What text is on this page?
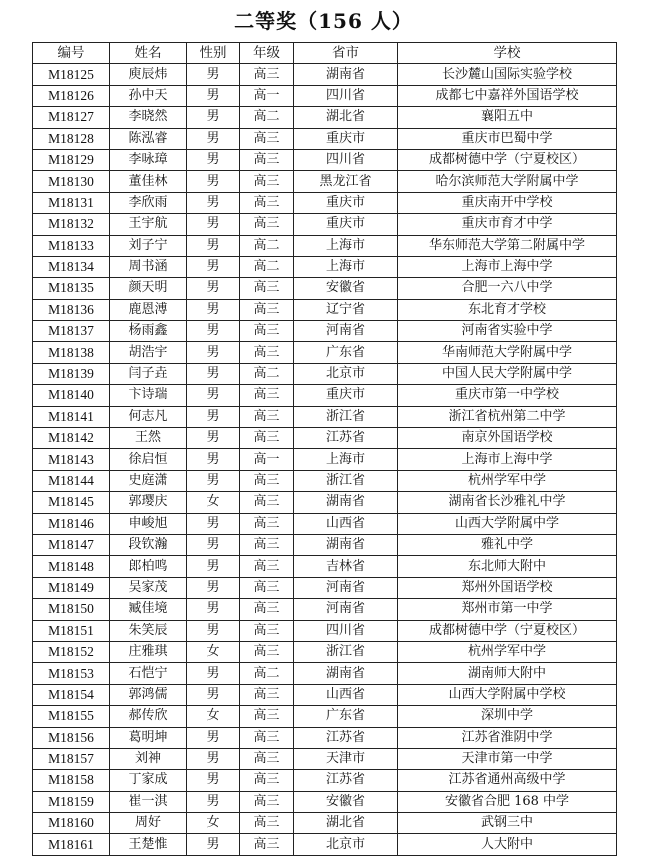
二等奖（156 人）
编号	姓名	性别	年级	省市	学校
M18125	庾辰炜	男	高三	湖南省	长沙麓山国际实验学校
M18126	孙中天	男	高一	四川省	成都七中嘉祥外国语学校
M18127	李晓然	男	高二	湖北省	襄阳五中
M18128	陈泓睿	男	高三	重庆市	重庆市巴蜀中学
M18129	李咏璋	男	高三	四川省	成都树德中学（宁夏校区）
M18130	董佳林	男	高三	黑龙江省	哈尔滨师范大学附属中学
M18131	李欣雨	男	高三	重庆市	重庆南开中学校
M18132	王宇航	男	高三	重庆市	重庆市育才中学
M18133	刘子宁	男	高二	上海市	华东师范大学第二附属中学
M18134	周书涵	男	高二	上海市	上海市上海中学
M18135	颜天明	男	高三	安徽省	合肥一六八中学
M18136	鹿恩溥	男	高三	辽宁省	东北育才学校
M18137	杨雨鑫	男	高三	河南省	河南省实验中学
M18138	胡浩宇	男	高三	广东省	华南师范大学附属中学
M18139	闫子垚	男	高二	北京市	中国人民大学附属中学
M18140	卞诗瑞	男	高三	重庆市	重庆市第一中学校
M18141	何志凡	男	高三	浙江省	浙江省杭州第二中学
M18142	王然	男	高三	江苏省	南京外国语学校
M18143	徐启恒	男	高一	上海市	上海市上海中学
M18144	史庭潇	男	高三	浙江省	杭州学军中学
M18145	郭璎庆	女	高三	湖南省	湖南省长沙雅礼中学
M18146	申峻旭	男	高三	山西省	山西大学附属中学
M18147	段钦瀚	男	高三	湖南省	雅礼中学
M18148	郎柏鸣	男	高三	吉林省	东北师大附中
M18149	吴家茂	男	高三	河南省	郑州外国语学校
M18150	臧佳境	男	高三	河南省	郑州市第一中学
M18151	朱笑辰	男	高三	四川省	成都树德中学（宁夏校区）
M18152	庄雅琪	女	高三	浙江省	杭州学军中学
M18153	石恺宁	男	高二	湖南省	湖南师大附中
M18154	郭鸿儒	男	高三	山西省	山西大学附属中学校
M18155	郝传欣	女	高三	广东省	深圳中学
M18156	葛明坤	男	高三	江苏省	江苏省淮阴中学
M18157	刘神	男	高三	天津市	天津市第一中学
M18158	丁家成	男	高三	江苏省	江苏省通州高级中学
M18159	崔一淇	男	高三	安徽省	安徽省合肥 168 中学
M18160	周好	女	高三	湖北省	武钢三中
M18161	王楚惟	男	高三	北京市	人大附中
